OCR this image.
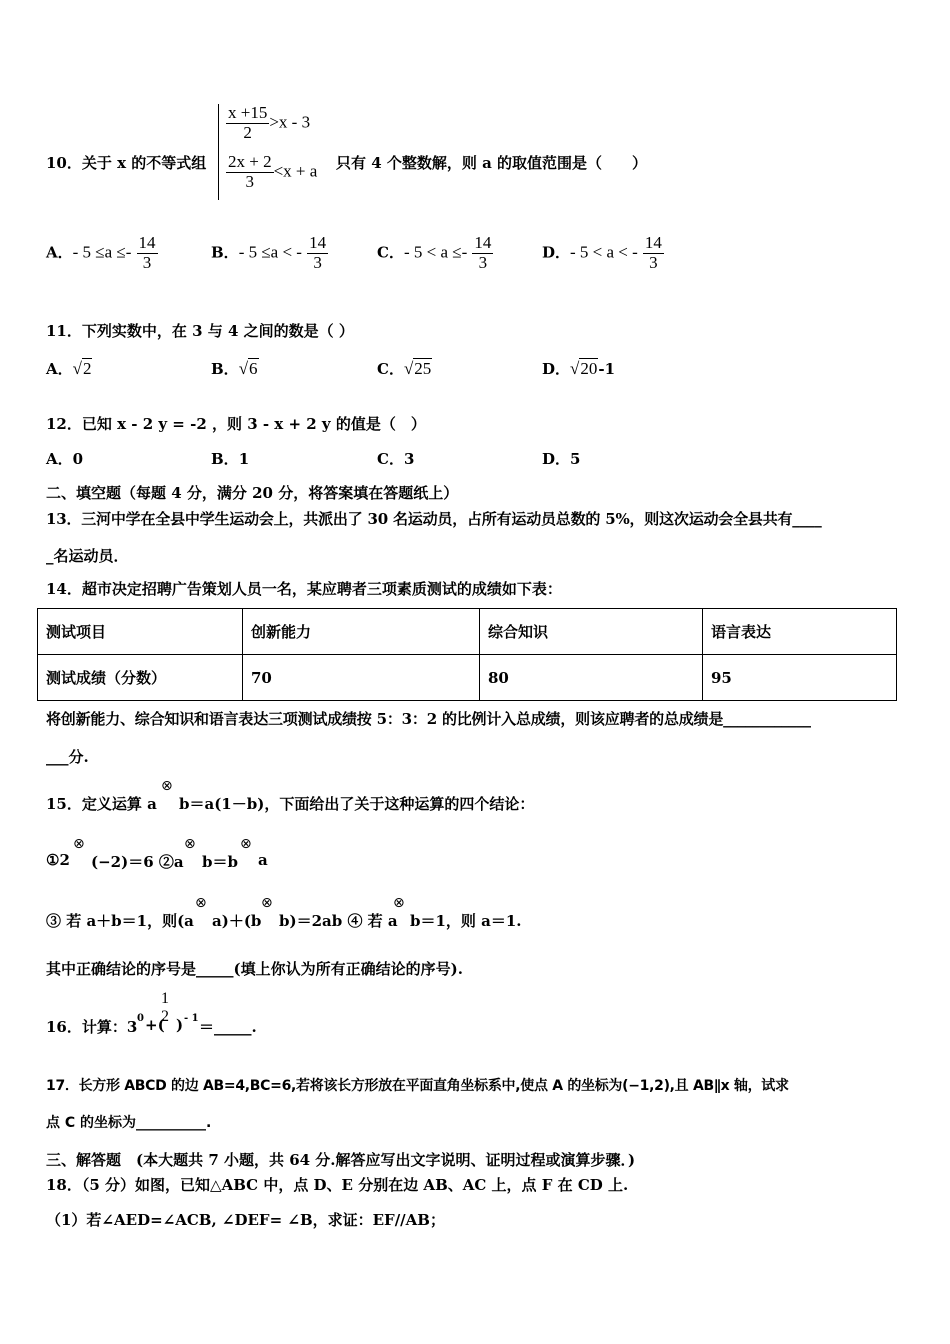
10．关于 x 的不等式组
$\frac{x +15}{2} >x - 3$
$\frac{2x + 2}{3} <x + a$ 只有 4 个整数解，则 a 的取值范围是（　　）
A．- $5 \le a \le- \frac{14}{3}$	B．- 5 ≤a < - $\frac{14}{3}$	C．- $5 < a \le- \frac{14}{3}$	D．- 5 < a < - $\frac{14}{3}$
11．下列实数中，在 3 与 4 之间的数是（ ）
A．√2	B．√6	C．√25	D．√20-1
12．已知 x - 2 y = -2 ，则 3 - x + 2 y 的值是（　）
A．0	B．1	C．3	D．5
二、填空题（每题 4 分，满分 20 分，将答案填在答题纸上）
13．三河中学在全县中学生运动会上，共派出了 30 名运动员，占所有运动员总数的 5%，则这次运动会全县共有____
_名运动员．
14．超市决定招聘广告策划人员一名，某应聘者三项素质测试的成绩如下表：
测试项目	创新能力	综合知识	语言表达
测试成绩（分数）	70	80	95
将创新能力、综合知识和语言表达三项测试成绩按 5：3：2 的比例计入总成绩，则该应聘者的总成绩是____________
___分.
15．定义运算 a
⊗
b＝a(1－b)，下面给出了关于这种运算的四个结论：
①2
⊗
(−2)＝6 ②a
⊗
b＝b
⊗
a
③ 若 a＋b＝1，则(a
⊗
a)＋(b
⊗
b)＝2ab ④ 若 a
⊗
b＝1，则 a＝1.
其中正确结论的序号是_____(填上你认为所有正确结论的序号).
16．计算：3 0 +(
1
2 ) - 1 ＝_____.
17．长方形 ABCD 的边 AB=4,BC=6,若将该长方形放在平面直角坐标系中,使点 A 的坐标为(−1,2),且 AB∥x 轴，试求
点 C 的坐标为__________.
三、解答题　(本大题共 7 小题，共 64 分.解答应写出文字说明、证明过程或演算步骤．)
18．（5 分）如图，已知△ABC 中，点 D、E 分别在边 AB、AC 上，点 F 在 CD 上.
（1）若∠AED=∠ACB, ∠DEF= ∠B，求证：EF//AB；
